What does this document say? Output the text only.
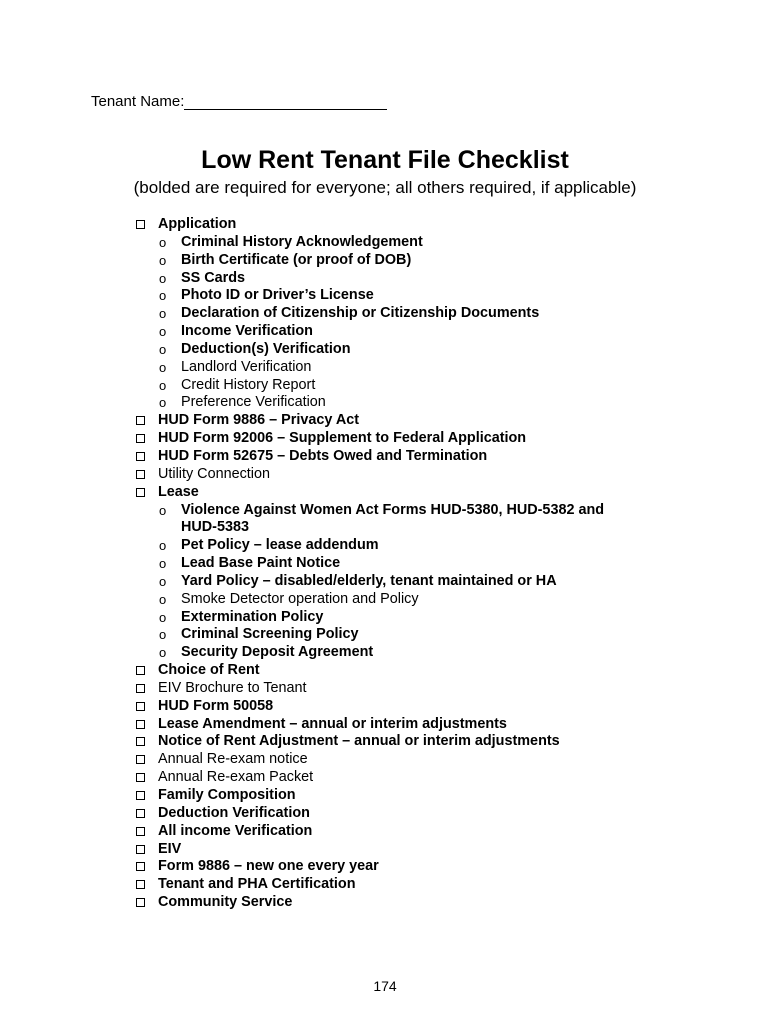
Tenant Name:
Low Rent Tenant File Checklist
(bolded are required for everyone; all others required, if applicable)
Application
o Criminal History Acknowledgement
o Birth Certificate (or proof of DOB)
o SS Cards
o Photo ID or Driver’s License
o Declaration of Citizenship or Citizenship Documents
o Income Verification
o Deduction(s) Verification
o Landlord Verification
o Credit History Report
o Preference Verification
HUD Form 9886 – Privacy Act
HUD Form 92006 – Supplement to Federal Application
HUD Form 52675 – Debts Owed and Termination
Utility Connection
Lease
o Violence Against Women Act Forms HUD-5380, HUD-5382 and
HUD-5383
o Pet Policy – lease addendum
o Lead Base Paint Notice
o Yard Policy – disabled/elderly, tenant maintained or HA
o Smoke Detector operation and Policy
o Extermination Policy
o Criminal Screening Policy
o Security Deposit Agreement
Choice of Rent
EIV Brochure to Tenant
HUD Form 50058
Lease Amendment – annual or interim adjustments
Notice of Rent Adjustment – annual or interim adjustments
Annual Re-exam notice
Annual Re-exam Packet
Family Composition
Deduction Verification
All income Verification
EIV
Form 9886 – new one every year
Tenant and PHA Certification
Community Service
174
